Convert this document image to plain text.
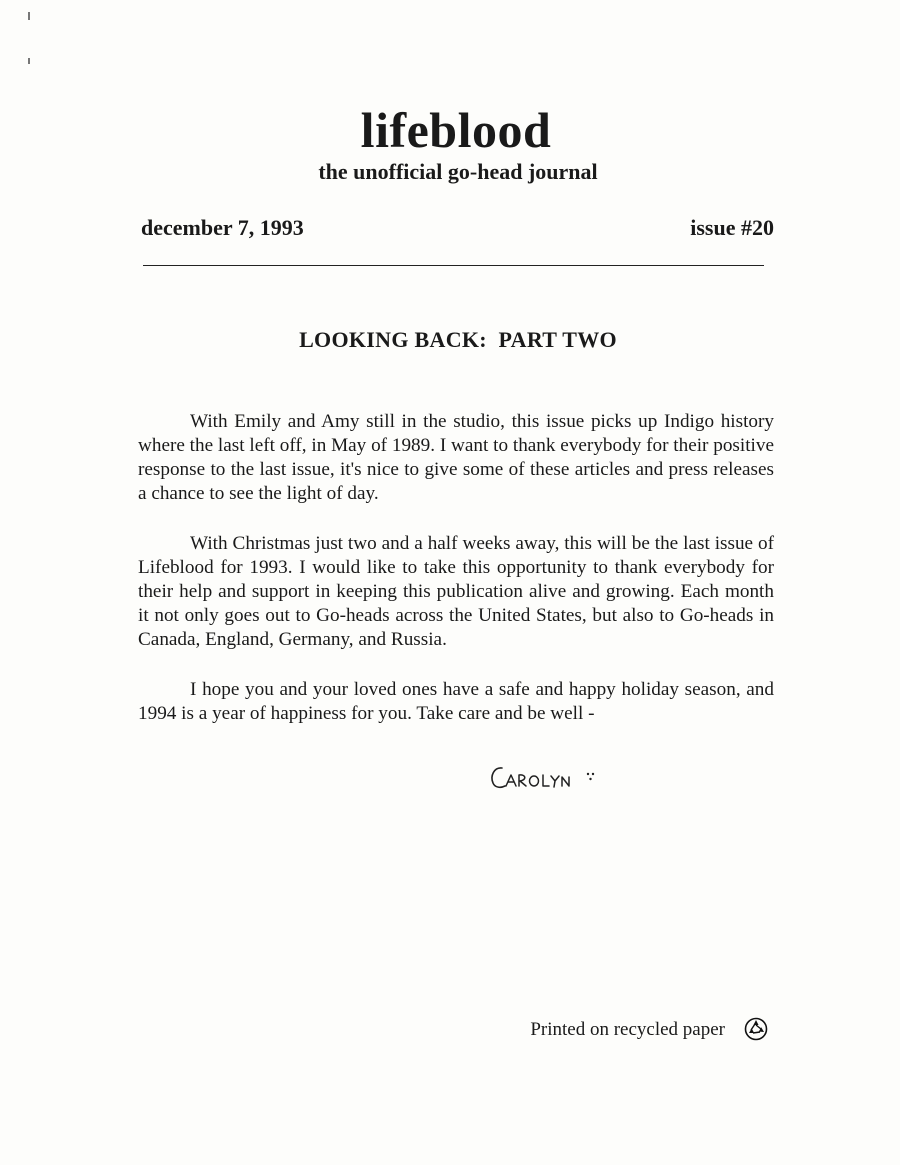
lifeblood
the unofficial go-head journal
december 7, 1993	issue #20
LOOKING BACK:  PART TWO

With Emily and Amy still in the studio, this issue picks up Indigo history where the last left off, in May of 1989. I want to thank everybody for their positive response to the last issue, it's nice to give some of these articles and press releases a chance to see the light of day.

With Christmas just two and a half weeks away, this will be the last issue of Lifeblood for 1993. I would like to take this opportunity to thank everybody for their help and support in keeping this publication alive and growing. Each month it not only goes out to Go-heads across the United States, but also to Go-heads in Canada, England, Germany, and Russia.

I hope you and your loved ones have a safe and happy holiday season, and 1994 is a year of happiness for you. Take care and be well -

Printed on recycled paper
